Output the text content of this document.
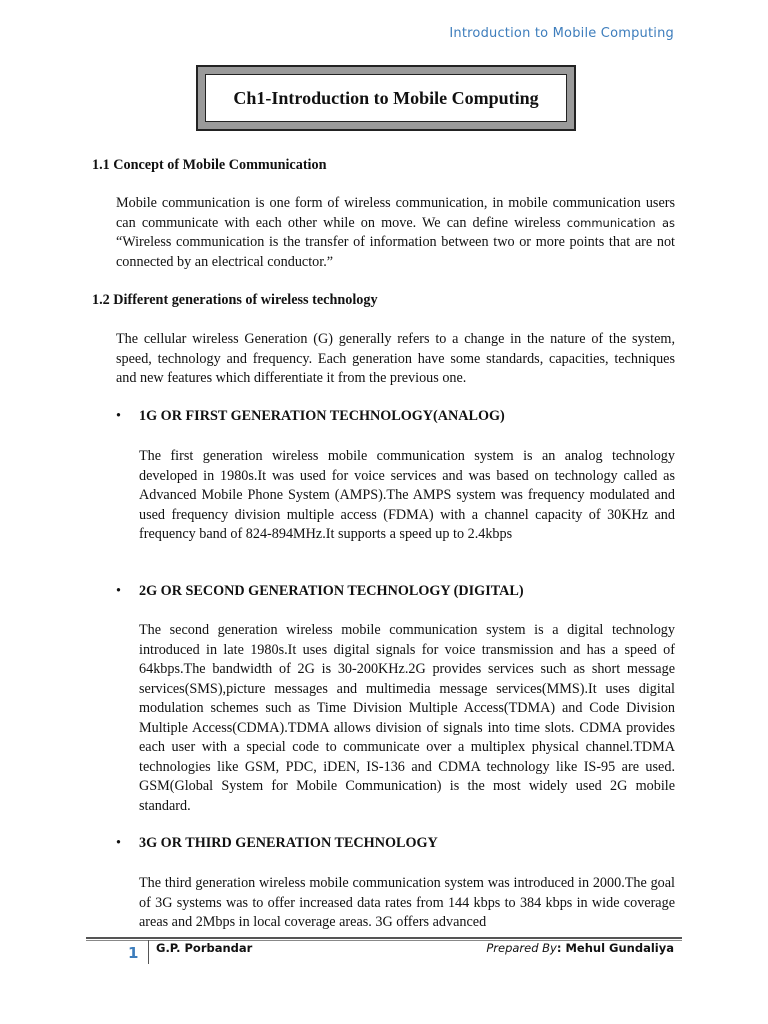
Introduction to Mobile Computing
Ch1-Introduction to Mobile Computing
1.1 Concept of Mobile Communication
Mobile communication is one form of wireless communication, in mobile communication users can communicate with each other while on move. We can define wireless communication as “Wireless communication is the transfer of information between two or more points that are not connected by an electrical conductor.”
1.2 Different generations of wireless technology
The cellular wireless Generation (G) generally refers to a change in the nature of the system, speed, technology and frequency. Each generation have some standards, capacities, techniques and new features which differentiate it from the previous one.
•	1G OR FIRST GENERATION TECHNOLOGY(ANALOG)
The first generation wireless mobile communication system is an analog technology developed in 1980s.It was used for voice services and was based on technology called as Advanced Mobile Phone System (AMPS).The AMPS system was frequency modulated and used frequency division multiple access (FDMA) with a channel capacity of 30KHz and frequency band of 824-894MHz.It supports a speed up to 2.4kbps
•	2G OR SECOND GENERATION TECHNOLOGY (DIGITAL)
The second generation wireless mobile communication system is a digital technology introduced in late 1980s.It uses digital signals for voice transmission and has a speed of 64kbps.The bandwidth of 2G is 30-200KHz.2G provides services such as short message services(SMS),picture messages and multimedia message services(MMS).It uses digital modulation schemes such as Time Division Multiple Access(TDMA) and Code Division Multiple Access(CDMA).TDMA allows division of signals into time slots. CDMA provides each user with a special code to communicate over a multiplex physical channel.TDMA technologies like GSM, PDC, iDEN, IS-136 and CDMA technology like IS-95 are used. GSM(Global System for Mobile Communication) is the most widely used 2G mobile standard.
•	3G OR THIRD GENERATION TECHNOLOGY
The third generation wireless mobile communication system was introduced in 2000.The goal of 3G systems was to offer increased data rates from 144 kbps to 384 kbps in wide coverage areas and 2Mbps in local coverage areas. 3G offers advanced
1 G.P. Porbandar	Prepared By: Mehul Gundaliya
